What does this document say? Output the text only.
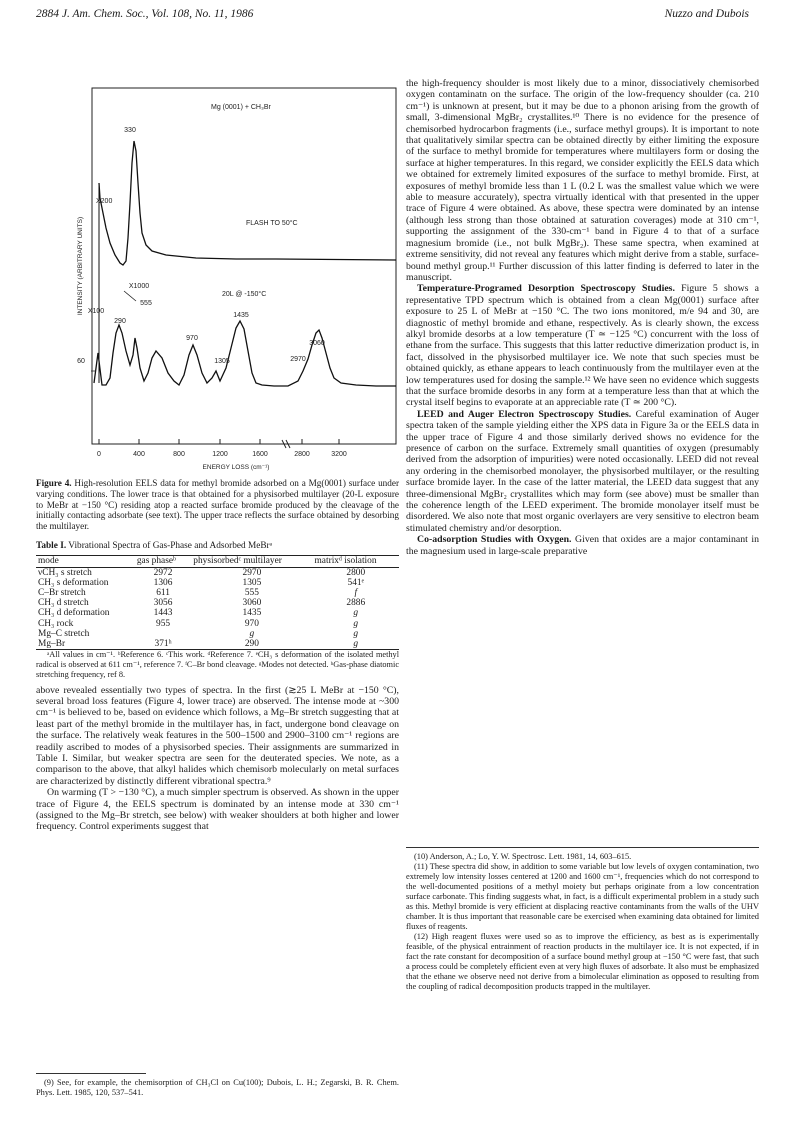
2884 J. Am. Chem. Soc., Vol. 108, No. 11, 1986	Nuzzo and Dubois
0	400	800	1200	1600	2800	3200
ENERGY LOSS (cm⁻¹)
INTENSITY (ARBITRARY UNITS)
Mg (0001) + CH₃Br
330
X200
FLASH TO 50°C
X1000
X100
555
290
1435
970
1305
3060
2970
60
20L @ -150°C

Figure 4. High-resolution EELS data for methyl bromide adsorbed on a Mg(0001) surface under varying conditions. The lower trace is that obtained for a physisorbed multilayer (20-L exposure to MeBr at −150 °C) residing atop a reacted surface bromide produced by the cleavage of the initially contacting adsorbate (see text). The upper trace reflects the surface obtained by desorbing the multilayer.

Table I. Vibrational Spectra of Gas-Phase and Adsorbed MeBrᵃ
mode	gas phaseᵇ	physisorbedᶜ multilayer	matrixᵈ isolation
νCH₃ s stretch	2972	2970	2800
CH₃ s deformation	1306	1305	541ᵉ
C–Br stretch	611	555	f
CH₃ d stretch	3056	3060	2886
CH₃ d deformation	1443	1435	g
CH₃ rock	955	970	g
Mg–C stretch		g	g
Mg–Br	371ʰ	290	g

ᵃAll values in cm⁻¹. ᵇReference 6. ᶜThis work. ᵈReference 7. ᵉCH₃ s deformation of the isolated methyl radical is observed at 611 cm⁻¹, reference 7. ᶠC–Br bond cleavage. ᵍModes not detected. ʰGas-phase diatomic stretching frequency, ref 8.

above revealed essentially two types of spectra. In the first (≳25 L MeBr at −150 °C), several broad loss features (Figure 4, lower trace) are observed. The intense mode at ~300 cm⁻¹ is believed to be, based on evidence which follows, a Mg–Br stretch suggesting that at least part of the methyl bromide in the multilayer has, in fact, undergone bond cleavage on the surface. The relatively weak features in the 500–1500 and 2900–3100 cm⁻¹ regions are readily ascribed to modes of a physisorbed species. Their assignments are summarized in Table I. Similar, but weaker spectra are seen for the deuterated species. We note, as a comparison to the above, that alkyl halides which chemisorb molecularly on metal surfaces are characterized by distinctly different vibrational spectra.⁹

On warming (T > −130 °C), a much simpler spectrum is observed. As shown in the upper trace of Figure 4, the EELS spectrum is dominated by an intense mode at 330 cm⁻¹ (assigned to the Mg–Br stretch, see below) with weaker shoulders at both higher and lower frequency. Control experiments suggest that

(9) See, for example, the chemisorption of CH₃Cl on Cu(100); Dubois, L. H.; Zegarski, B. R. Chem. Phys. Lett. 1985, 120, 537–541.

the high-frequency shoulder is most likely due to a minor, dissociatively chemisorbed oxygen contaminatn on the surface. The origin of the low-frequency shoulder (ca. 210 cm⁻¹) is unknown at present, but it may be due to a phonon arising from the growth of small, 3-dimensional MgBr₂ crystallites.¹⁰ There is no evidence for the presence of chemisorbed hydrocarbon fragments (i.e., surface methyl groups). It is important to note that qualitatively similar spectra can be obtained directly by either limiting the exposure of the surface to methyl bromide for temperatures where multilayers form or dosing the surface at higher temperatures. In this regard, we consider explicitly the EELS data which we obtained for extremely limited exposures of the surface to methyl bromide. First, at exposures of methyl bromide less than 1 L (0.2 L was the smallest value which we were able to measure accurately), spectra virtually identical with that presented in the upper trace of Figure 4 were obtained. As above, these spectra were dominated by an intense (although less strong than those obtained at saturation coverages) mode at 310 cm⁻¹, supporting the assignment of the 330-cm⁻¹ band in Figure 4 to that of a surface magnesium bromide (i.e., not bulk MgBr₂). These same spectra, when examined at extreme sensitivity, did not reveal any features which might derive from a stable, surface-bound methyl group.¹¹ Further discussion of this latter finding is deferred to later in the manuscript.

Temperature-Programed Desorption Spectroscopy Studies. Figure 5 shows a representative TPD spectrum which is obtained from a clean Mg(0001) surface after exposure to 25 L of MeBr at −150 °C. The two ions monitored, m/e 94 and 30, are diagnostic of methyl bromide and ethane, respectively. As is clearly shown, the excess alkyl bromide desorbs at a low temperature (T ≃ −125 °C) concurrent with the loss of ethane from the surface. This suggests that this latter reductive dimerization product is, in fact, dissolved in the physisorbed multilayer ice. We note that such species must be obtained quickly, as ethane appears to leach continuously from the multilayer even at the low temperatures used for dosing the sample.¹² We have seen no evidence which suggests that the surface bromide desorbs in any form at a temperature less than that at which the crystal itself begins to evaporate at an appreciable rate (T ≃ 200 °C).

LEED and Auger Electron Spectroscopy Studies. Careful examination of Auger spectra taken of the sample yielding either the XPS data in Figure 3a or the EELS data in the upper trace of Figure 4 and those similarly derived shows no evidence for the presence of carbon on the surface. Extremely small quantities of oxygen (presumably derived from the adsorption of impurities) were noted occasionally. LEED did not reveal any ordering in the chemisorbed monolayer, the physisorbed multilayer, or the resulting surface bromide layer. In the case of the latter material, the LEED data suggest that any three-dimensional MgBr₂ crystallites which may form (see above) must be smaller than the coherence length of the LEED experiment. The bromide monolayer itself must be disordered. We also note that most organic overlayers are very sensitive to electron beam stimulated chemistry and/or desorption.

Co-adsorption Studies with Oxygen. Given that oxides are a major contaminant in the magnesium used in large-scale preparative

(10) Anderson, A.; Lo, Y. W. Spectrosc. Lett. 1981, 14, 603–615.

(11) These spectra did show, in addition to some variable but low levels of oxygen contamination, two extremely low intensity losses centered at 1200 and 1600 cm⁻¹, frequencies which do not correspond to the well-documented positions of a methyl moiety but perhaps originate from a low concentration surface carbonate. This finding suggests what, in fact, is a difficult experimental problem in a study such as this. Methyl bromide is very efficient at displacing reactive contaminants from the walls of the UHV chamber. It is thus important that reasonable care be exercised when examining data obtained for limited fluxes of reagents.

(12) High reagent fluxes were used so as to improve the efficiency, as best as is experimentally feasible, of the physical entrainment of reaction products in the multilayer ice. It is not expected, if in fact the rate constant for decomposition of a surface bound methyl group at −150 °C were fast, that such a process could be completely efficient even at very high fluxes of adsorbate. It also must be emphasized that the ethane we observe need not derive from a bimolecular elimination as opposed to resulting from the coupling of radical decomposition products trapped in the multilayer.
